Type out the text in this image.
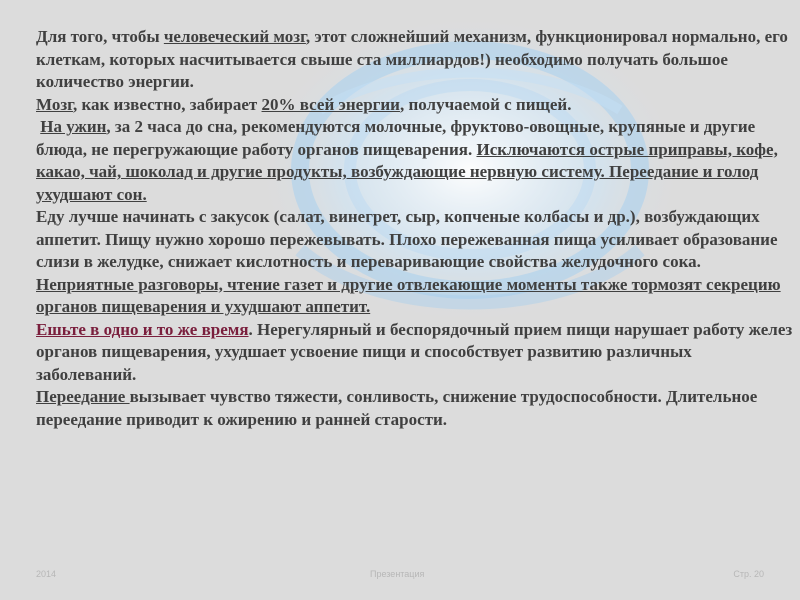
Для того, чтобы человеческий мозг, этот сложнейший механизм, функционировал нормально, его клеткам, которых насчитывается свыше ста миллиардов!) необходимо получать большое количество энергии.

Мозг, как известно, забирает 20% всей энергии, получаемой с пищей.

На ужин, за 2 часа до сна, рекомендуются молочные, фруктово-овощные, крупяные и другие блюда, не перегружающие работу органов пищеварения. Исключаются острые приправы, кофе, какао, чай, шоколад и другие продукты, возбуждающие нервную систему. Переедание и голод ухудшают сон.

Еду лучше начинать с закусок (салат, винегрет, сыр, копченые колбасы и др.), возбуждающих аппетит. Пищу нужно хорошо пережевывать. Плохо пережеванная пища усиливает образование слизи в желудке, снижает кислотность и переваривающие свойства желудочного сока. Неприятные разговоры, чтение газет и другие отвлекающие моменты также тормозят секрецию органов пищеварения и ухудшают аппетит.

Ешьте в одно и то же время. Нерегулярный и беспорядочный прием пищи нарушает работу желез органов пищеварения, ухудшает усвоение пищи и способствует развитию различных заболеваний.

Переедание вызывает чувство тяжести, сонливость, снижение трудоспособности. Длительное переедание приводит к ожирению и ранней старости.

2014	Презентация	Стр. 20
